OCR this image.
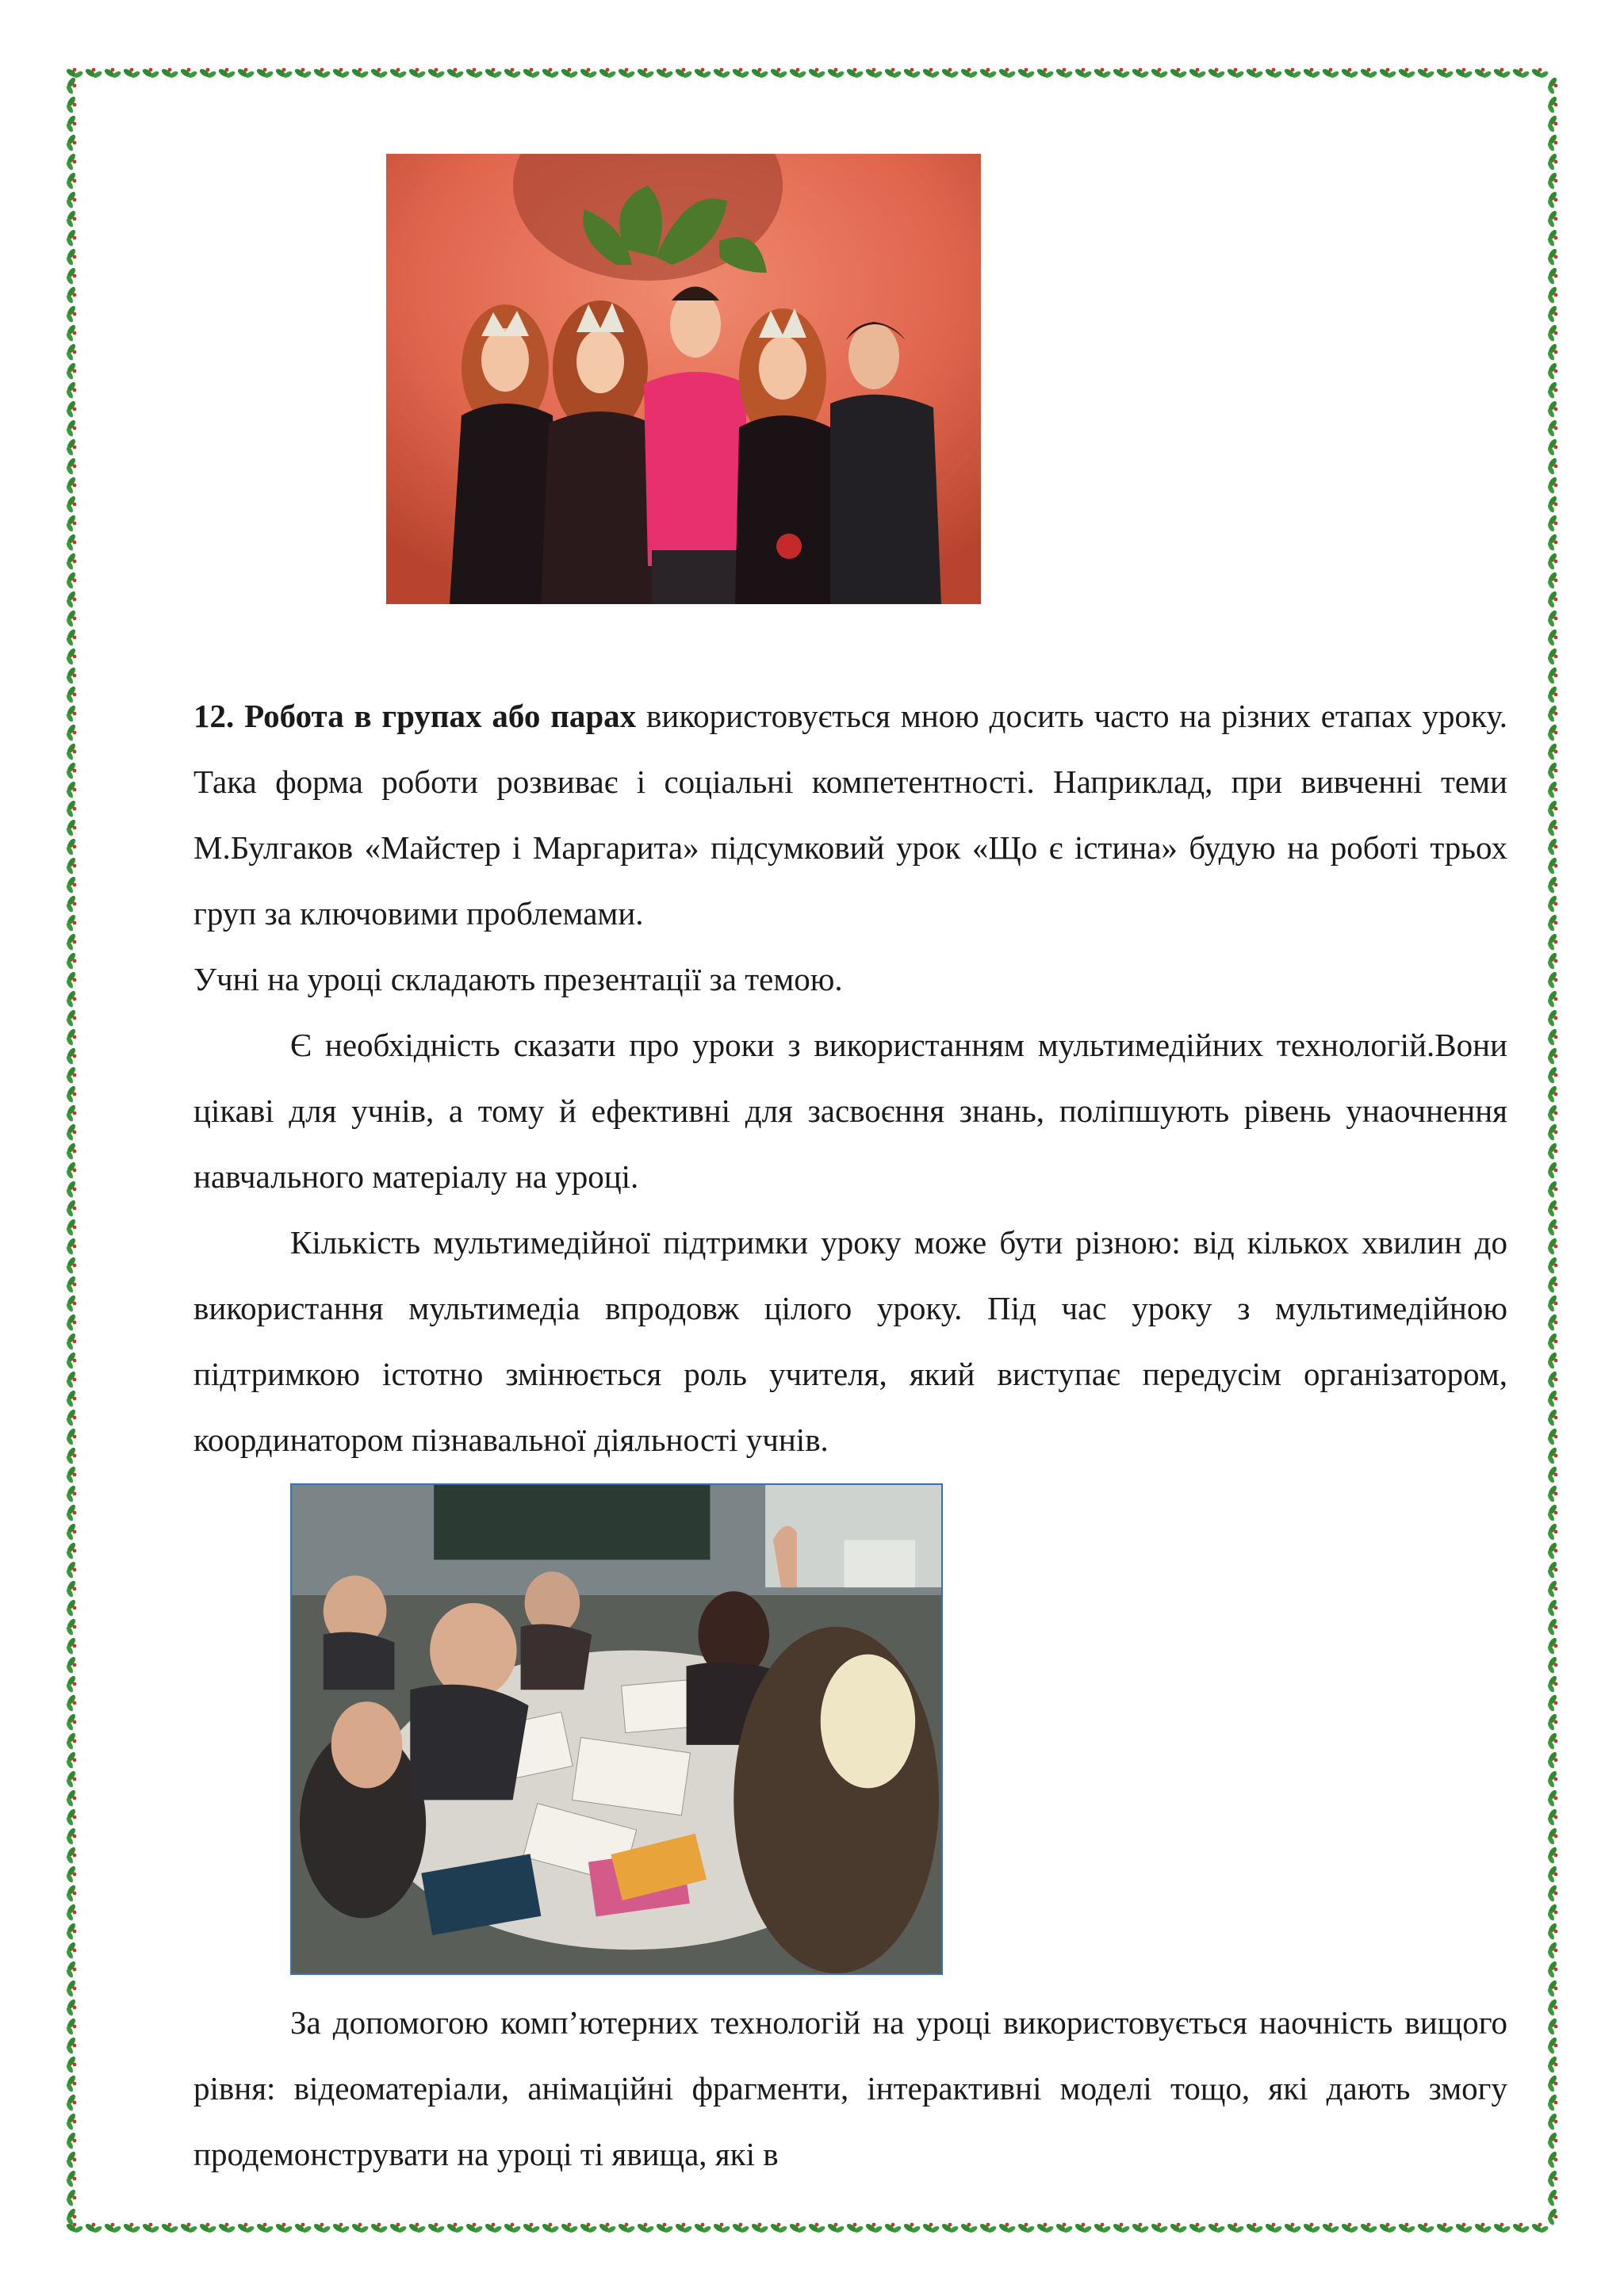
12. Робота в групах або парах використовується мною досить часто на різних етапах уроку. Така форма роботи розвиває і соціальні компетентності. Наприклад, при вивченні теми М.Булгаков «Майстер і Маргарита» підсумковий урок «Що є істина» будую на роботі трьох груп за ключовими проблемами.

Учні на уроці складають презентації за темою.

Є необхідність сказати про уроки з використанням мультимедійних технологій.Вони цікаві для учнів, а тому й ефективні для засвоєння знань, поліпшують рівень унаочнення навчального матеріалу на уроці.

Кількість мультимедійної підтримки уроку може бути різною: від кількох хвилин до використання мультимедіа впродовж цілого уроку. Під час уроку з мультимедійною підтримкою істотно змінюється роль учителя, який виступає передусім організатором, координатором пізнавальної діяльності учнів.

За допомогою комп’ютерних технологій на уроці використовується наочність вищого рівня: відеоматеріали, анімаційні фрагменти, інтерактивні моделі тощо, які дають змогу продемонструвати на уроці ті явища, які в
